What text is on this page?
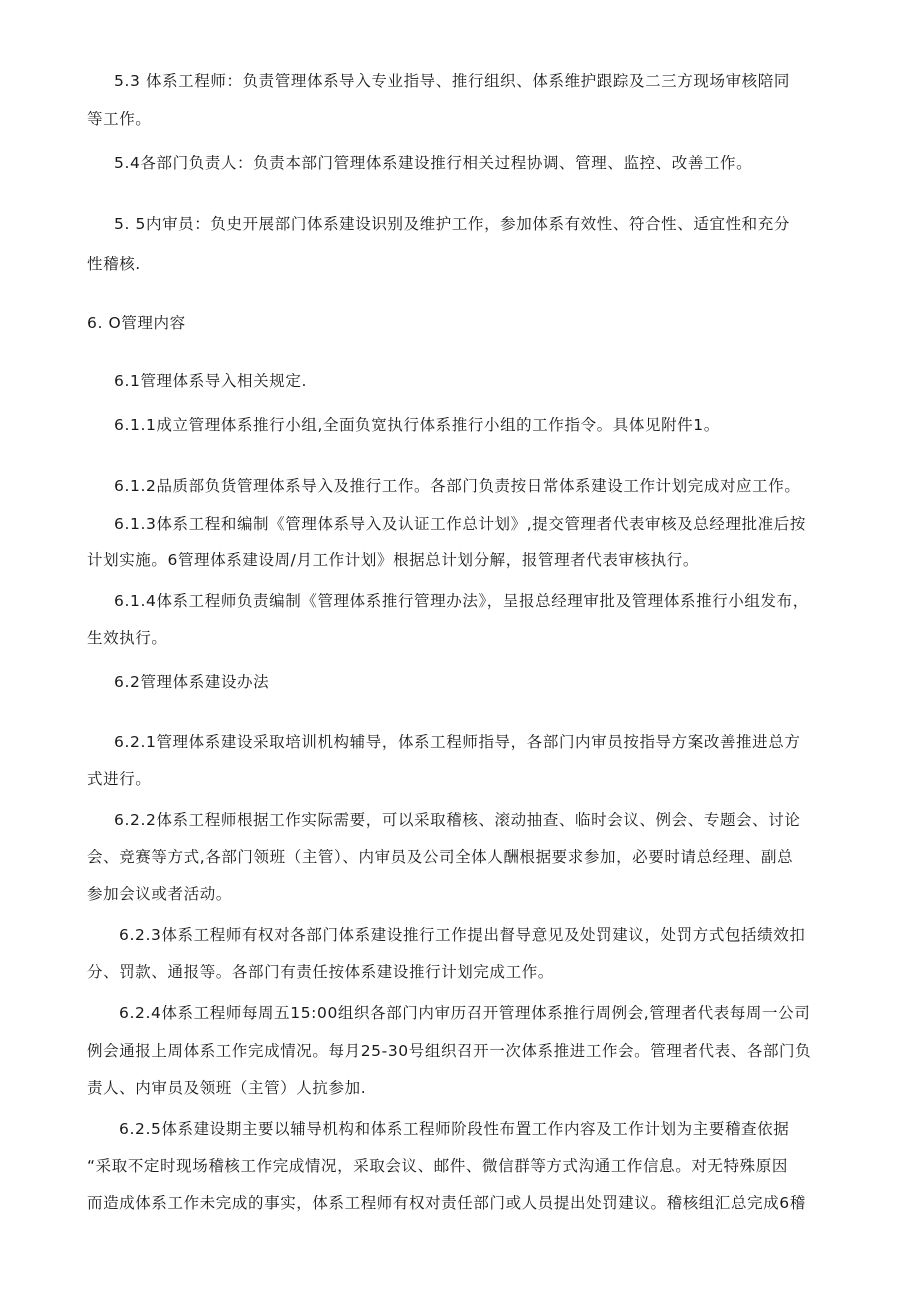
5.3 体系工程师：负责管理体系导入专业指导、推行组织、体系维护跟踪及二三方现场审核陪同
等工作。
5.4各部门负责人：负责本部门管理体系建设推行相关过程协调、管理、监控、改善工作。
5. 5内审员：负史开展部门体系建设识别及维护工作，参加体系有效性、符合性、适宜性和充分
性稽核.
6. O管理内容
6.1管理体系导入相关规定.
6.1.1成立管理体系推行小组,全面负宽执行体系推行小组的工作指令。具体见附件1。
6.1.2品质部负货管理体系导入及推行工作。各部门负责按日常体系建设工作计划完成对应工作。
6.1.3体系工程和编制《管理体系导入及认证工作总计划》,提交管理者代表审核及总经理批准后按
计划实施。6管理体系建设周/月工作计划》根据总计划分解，报管理者代表审核执行。
6.1.4体系工程师负责编制《管理体系推行管理办法》，呈报总经理审批及管理体系推行小组发布，
生效执行。
6.2管理体系建设办法
6.2.1管理体系建设采取培训机构辅导，体系工程师指导，各部门内审员按指导方案改善推进总方
式进行。
6.2.2体系工程师根据工作实际需要，可以采取稽核、滚动抽查、临时会议、例会、专题会、讨论
会、竞赛等方式,各部门领班（主管）、内审员及公司全体人酬根据要求参加，必要时请总经理、副总
参加会议或者活动。
6.2.3体系工程师有权对各部门体系建设推行工作提出督导意见及处罚建议，处罚方式包括绩效扣
分、罚款、通报等。各部门有责任按体系建设推行计划完成工作。
6.2.4体系工程师每周五15:00组织各部门内审历召开管理体系推行周例会,管理者代表每周一公司
例会通报上周体系工作完成情况。每月25-30号组织召开一次体系推进工作会。管理者代表、各部门负
责人、内审员及领班（主管）人抗参加.
6.2.5体系建设期主要以辅导机构和体系工程师阶段性布置工作内容及工作计划为主要稽查依据
“采取不定时现场稽核工作完成情况，采取会议、邮件、微信群等方式沟通工作信息。对无特殊原因
而造成体系工作未完成的事实，体系工程师有权对责任部门或人员提出处罚建议。稽核组汇总完成6稽
